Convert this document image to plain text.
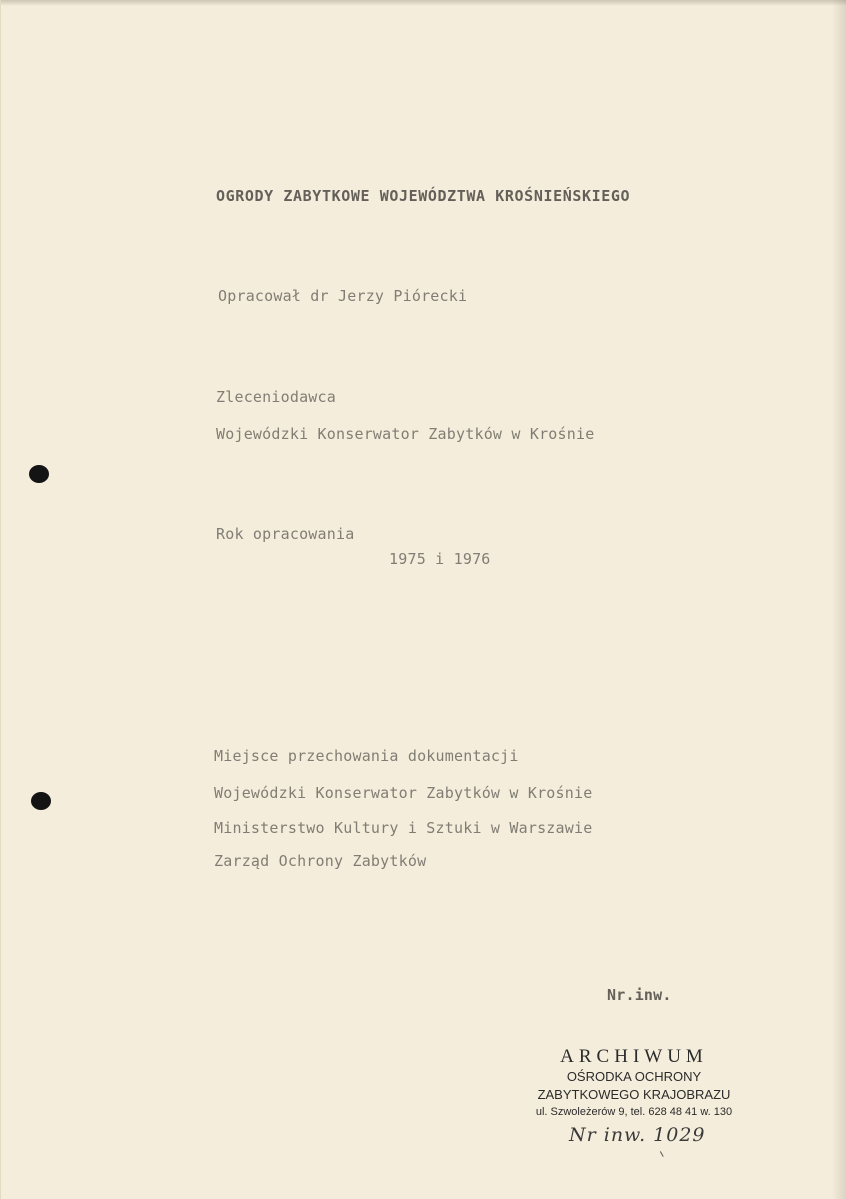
OGRODY ZABYTKOWE WOJEWÓDZTWA KROŚNIEŃSKIEGO
Opracował dr Jerzy Piórecki
Zleceniodawca
Wojewódzki Konserwator Zabytków w Krośnie
Rok opracowania
1975 i 1976
Miejsce przechowania dokumentacji
Wojewódzki Konserwator Zabytków w Krośnie
Ministerstwo Kultury i Sztuki w Warszawie
Zarząd Ochrony Zabytków
Nr.inw.

ARCHIWUM

OŚRODKA OCHRONY

ZABYTKOWEGO KRAJOBRAZU

ul. Szwoleżerów 9, tel. 628 48 41 w. 130

Nr inw. 1029
